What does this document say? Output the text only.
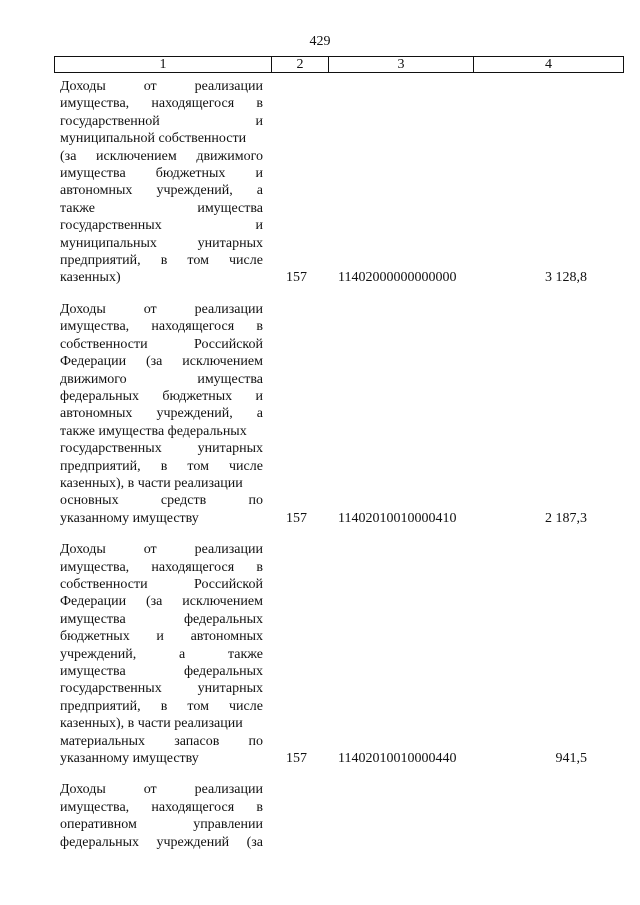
429
1	2	3	4
Доходы	от	реализации
имущества, находящегося в
государственной	и
муниципальной собственности
(за исключением движимого
имущества бюджетных и
автономных учреждений, а
также	имущества
государственных	и
муниципальных	унитарных
предприятий, в том числе
казенных)	157	11402000000000000	3 128,8
Доходы	от	реализации
имущества, находящегося в
собственности	Российской
Федерации (за исключением
движимого	имущества
федеральных бюджетных и
автономных учреждений, а
также имущества федеральных
государственных	унитарных
предприятий, в том числе
казенных), в части реализации
основных	средств	по
указанному имуществу	157	11402010010000410	2 187,3
Доходы	от	реализации
имущества, находящегося в
собственности	Российской
Федерации (за исключением
имущества	федеральных
бюджетных и автономных
учреждений,	а	также
имущества	федеральных
государственных	унитарных
предприятий, в том числе
казенных), в части реализации
материальных запасов по
указанному имуществу	157	11402010010000440	941,5
Доходы	от	реализации
имущества, находящегося в
оперативном	управлении
федеральных учреждений (за
